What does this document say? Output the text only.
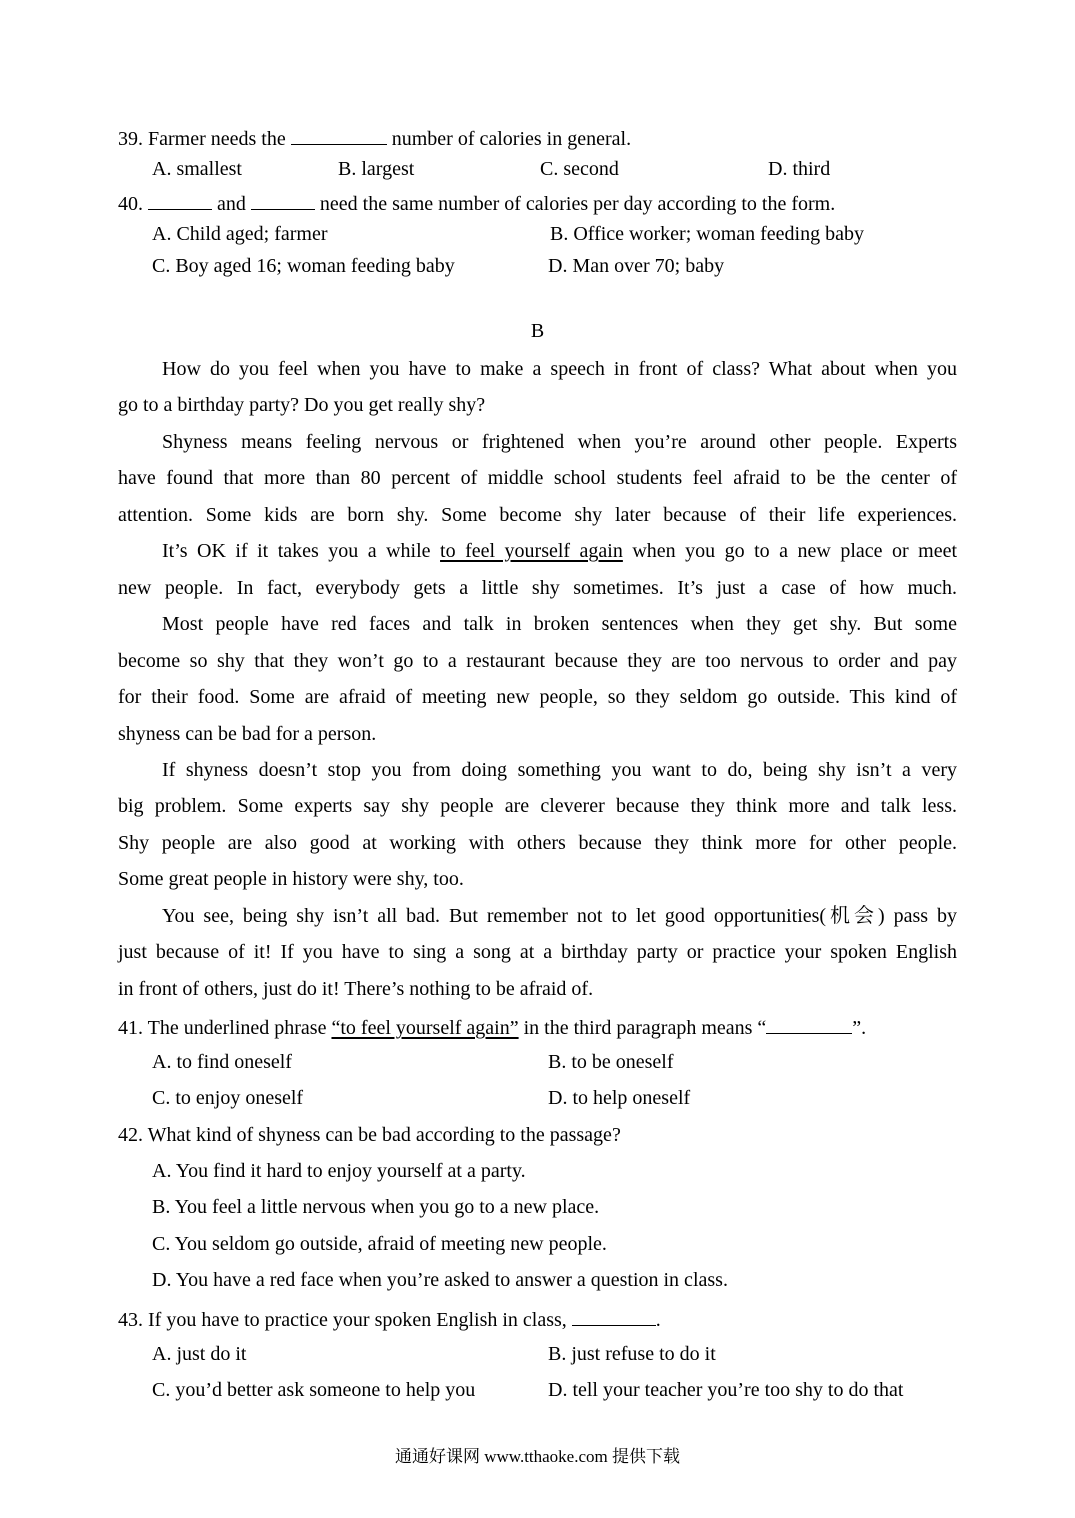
39. Farmer needs the	number of calories in general.
A. smallest	B. largest	C. second	D. third
40.	and	need the same number of calories per day according to the form.
A. Child aged; farmer	B. Office worker; woman feeding baby
C. Boy aged 16; woman feeding baby	D. Man over 70; baby
B
How do you feel when you have to make a speech in front of class? What about when you
go to a birthday party? Do you get really shy?
Shyness means feeling nervous or frightened when you’re around other people. Experts
have found that more than 80 percent of middle school students feel afraid to be the center of
attention. Some kids are born shy. Some become shy later because of their life experiences.
It’s OK if it takes you a while to feel yourself again when you go to a new place or meet
new people. In fact, everybody gets a little shy sometimes. It’s just a case of how much.
Most people have red faces and talk in broken sentences when they get shy. But some
become so shy that they won’t go to a restaurant because they are too nervous to order and pay
for their food. Some are afraid of meeting new people, so they seldom go outside. This kind of
shyness can be bad for a person.
If shyness doesn’t stop you from doing something you want to do, being shy isn’t a very
big problem. Some experts say shy people are cleverer because they think more and talk less.
Shy people are also good at working with others because they think more for other people.
Some great people in history were shy, too.
You see, being shy isn’t all bad. But remember not to let good opportunities(机会) pass by
just because of it! If you have to sing a song at a birthday party or practice your spoken English
in front of others, just do it! There’s nothing to be afraid of.
41. The underlined phrase “to feel yourself again” in the third paragraph means “	”.
A. to find oneself	B. to be oneself
C. to enjoy oneself	D. to help oneself
42. What kind of shyness can be bad according to the passage?
A. You find it hard to enjoy yourself at a party.
B. You feel a little nervous when you go to a new place.
C. You seldom go outside, afraid of meeting new people.
D. You have a red face when you’re asked to answer a question in class.
43. If you have to practice your spoken English in class,	.
A. just do it	B. just refuse to do it
C. you’d better ask someone to help you	D. tell your teacher you’re too shy to do that
通通好课网 www.tthaoke.com 提供下载
